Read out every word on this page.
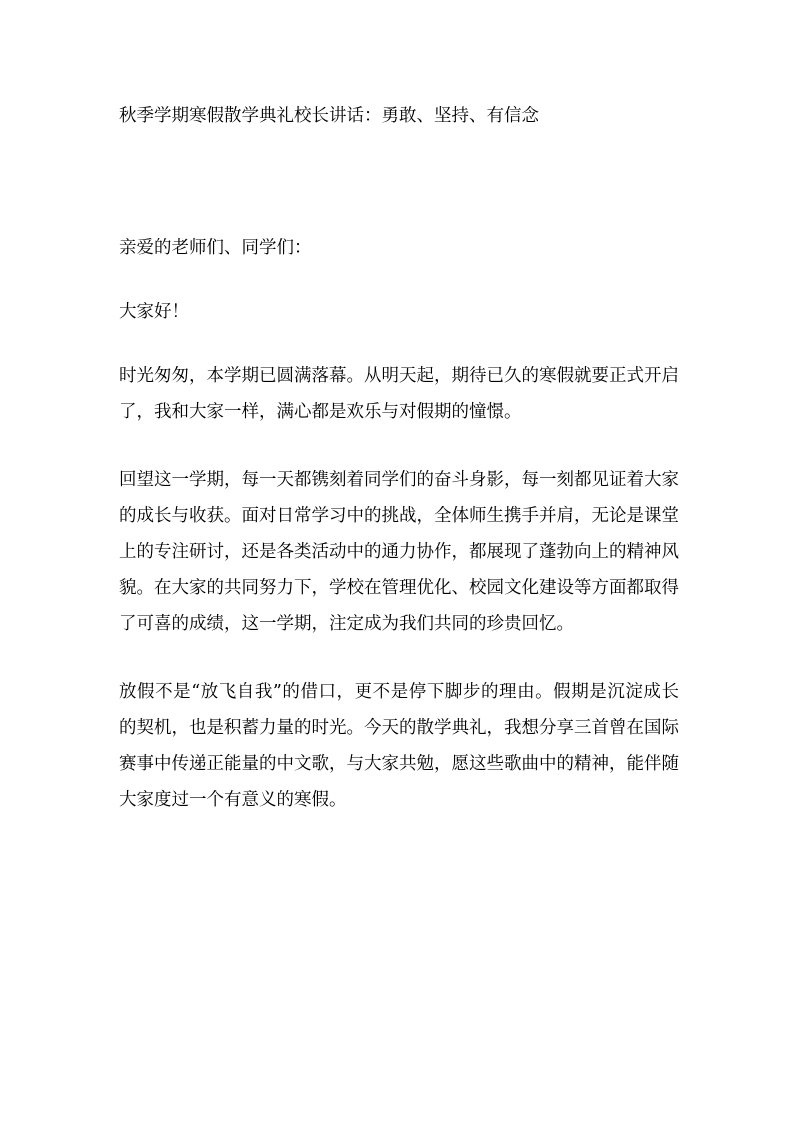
秋季学期寒假散学典礼校长讲话：勇敢、坚持、有信念

亲爱的老师们、同学们：

大家好！

时光匆匆，本学期已圆满落幕。从明天起，期待已久的寒假就要正式开启了，我和大家一样，满心都是欢乐与对假期的憧憬。

回望这一学期，每一天都镌刻着同学们的奋斗身影，每一刻都见证着大家的成长与收获。面对日常学习中的挑战，全体师生携手并肩，无论是课堂上的专注研讨，还是各类活动中的通力协作，都展现了蓬勃向上的精神风貌。在大家的共同努力下，学校在管理优化、校园文化建设等方面都取得了可喜的成绩，这一学期，注定成为我们共同的珍贵回忆。

放假不是“放飞自我”的借口，更不是停下脚步的理由。假期是沉淀成长的契机，也是积蓄力量的时光。今天的散学典礼，我想分享三首曾在国际赛事中传递正能量的中文歌，与大家共勉，愿这些歌曲中的精神，能伴随大家度过一个有意义的寒假。
